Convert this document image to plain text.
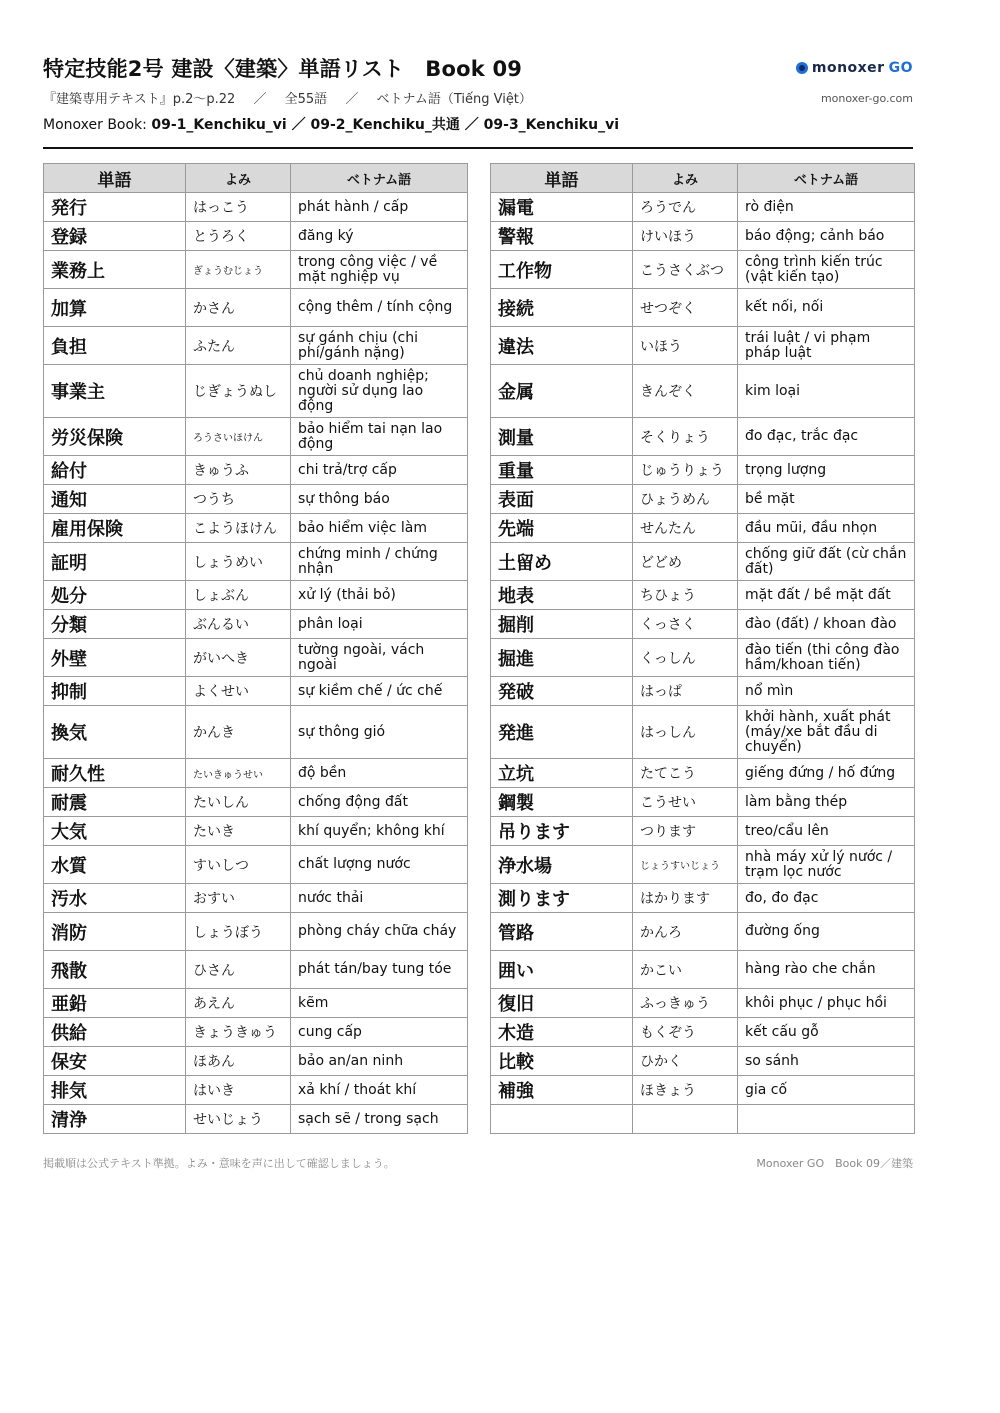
特定技能2号 建設〈建築〉単語リスト　Book 09
『建築専用テキスト』p.2〜p.22 ／ 全55語 ／ ベトナム語（Tiếng Việt）
Monoxer Book: 09-1_Kenchiku_vi ／ 09-2_Kenchiku_共通 ／ 09-3_Kenchiku_vi
monoxer GO
monoxer-go.com
単語	よみ	ベトナム語
発行	はっこう	phát hành / cấp
登録	とうろく	đăng ký
業務上	ぎょうむじょう	trong công việc / về mặt nghiệp vụ
加算	かさん	cộng thêm / tính cộng
負担	ふたん	sự gánh chịu (chi phí/gánh nặng)
事業主	じぎょうぬし	chủ doanh nghiệp; người sử dụng lao động
労災保険	ろうさいほけん	bảo hiểm tai nạn lao động
給付	きゅうふ	chi trả/trợ cấp
通知	つうち	sự thông báo
雇用保険	こようほけん	bảo hiểm việc làm
証明	しょうめい	chứng minh / chứng nhận
処分	しょぶん	xử lý (thải bỏ)
分類	ぶんるい	phân loại
外壁	がいへき	tường ngoài, vách ngoài
抑制	よくせい	sự kiềm chế / ức chế
換気	かんき	sự thông gió
耐久性	たいきゅうせい	độ bền
耐震	たいしん	chống động đất
大気	たいき	khí quyển; không khí
水質	すいしつ	chất lượng nước
汚水	おすい	nước thải
消防	しょうぼう	phòng cháy chữa cháy
飛散	ひさん	phát tán/bay tung tóe
亜鉛	あえん	kẽm
供給	きょうきゅう	cung cấp
保安	ほあん	bảo an/an ninh
排気	はいき	xả khí / thoát khí
清浄	せいじょう	sạch sẽ / trong sạch
単語	よみ	ベトナム語
漏電	ろうでん	rò điện
警報	けいほう	báo động; cảnh báo
工作物	こうさくぶつ	công trình kiến trúc (vật kiến tạo)
接続	せつぞく	kết nối, nối
違法	いほう	trái luật / vi phạm pháp luật
金属	きんぞく	kim loại
測量	そくりょう	đo đạc, trắc đạc
重量	じゅうりょう	trọng lượng
表面	ひょうめん	bề mặt
先端	せんたん	đầu mũi, đầu nhọn
土留め	どどめ	chống giữ đất (cừ chắn đất)
地表	ちひょう	mặt đất / bề mặt đất
掘削	くっさく	đào (đất) / khoan đào
掘進	くっしん	đào tiến (thi công đào hầm/khoan tiến)
発破	はっぱ	nổ mìn
発進	はっしん	khởi hành, xuất phát (máy/xe bắt đầu di chuyển)
立坑	たてこう	giếng đứng / hố đứng
鋼製	こうせい	làm bằng thép
吊ります	つります	treo/cẩu lên
浄水場	じょうすいじょう	nhà máy xử lý nước / trạm lọc nước
測ります	はかります	đo, đo đạc
管路	かんろ	đường ống
囲い	かこい	hàng rào che chắn
復旧	ふっきゅう	khôi phục / phục hồi
木造	もくぞう	kết cấu gỗ
比較	ひかく	so sánh
補強	ほきょう	gia cố

掲載順は公式テキスト準拠。よみ・意味を声に出して確認しましょう。	Monoxer GO　Book 09／建築
